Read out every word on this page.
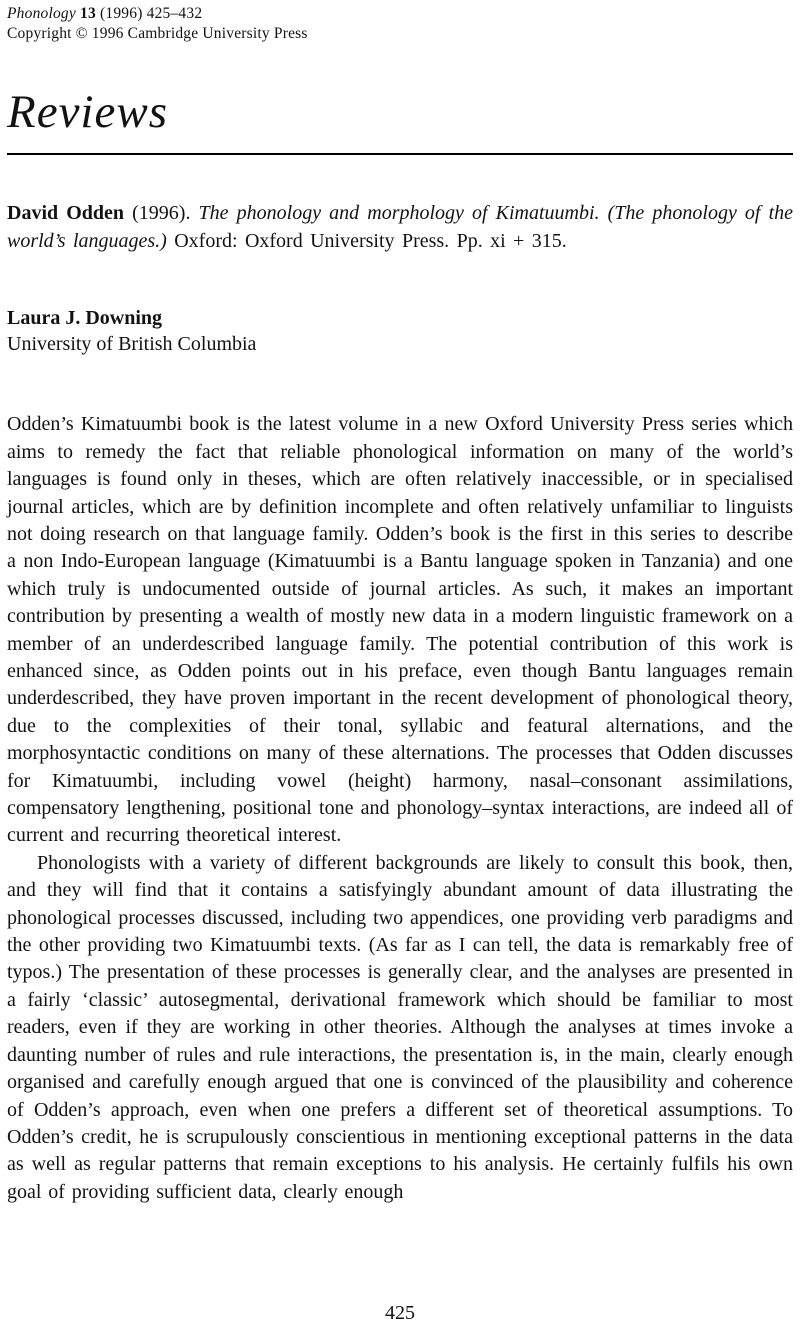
Phonology 13 (1996) 425–432
Copyright © 1996 Cambridge University Press
Reviews

David Odden (1996). The phonology and morphology of Kimatuumbi. (The phonology of the world’s languages.) Oxford: Oxford University Press. Pp. xi + 315.

Laura J. Downing

University of British Columbia

Odden’s Kimatuumbi book is the latest volume in a new Oxford University Press series which aims to remedy the fact that reliable phonological information on many of the world’s languages is found only in theses, which are often relatively inaccessible, or in specialised journal articles, which are by definition incomplete and often relatively unfamiliar to linguists not doing research on that language family. Odden’s book is the first in this series to describe a non Indo-European language (Kimatuumbi is a Bantu language spoken in Tanzania) and one which truly is undocumented outside of journal articles. As such, it makes an important contribution by presenting a wealth of mostly new data in a modern linguistic framework on a member of an underdescribed language family. The potential contribution of this work is enhanced since, as Odden points out in his preface, even though Bantu languages remain underdescribed, they have proven important in the recent development of phonological theory, due to the complexities of their tonal, syllabic and featural alternations, and the morphosyntactic conditions on many of these alternations. The processes that Odden discusses for Kimatuumbi, including vowel (height) harmony, nasal–consonant assimilations, compensatory lengthening, positional tone and phonology–syntax interactions, are indeed all of current and recurring theoretical interest.

Phonologists with a variety of different backgrounds are likely to consult this book, then, and they will find that it contains a satisfyingly abundant amount of data illustrating the phonological processes discussed, including two appendices, one providing verb paradigms and the other providing two Kimatuumbi texts. (As far as I can tell, the data is remarkably free of typos.) The presentation of these processes is generally clear, and the analyses are presented in a fairly ‘classic’ autosegmental, derivational framework which should be familiar to most readers, even if they are working in other theories. Although the analyses at times invoke a daunting number of rules and rule interactions, the presentation is, in the main, clearly enough organised and carefully enough argued that one is convinced of the plausibility and coherence of Odden’s approach, even when one prefers a different set of theoretical assumptions. To Odden’s credit, he is scrupulously conscientious in mentioning exceptional patterns in the data as well as regular patterns that remain exceptions to his analysis. He certainly fulfils his own goal of providing sufficient data, clearly enough

425
